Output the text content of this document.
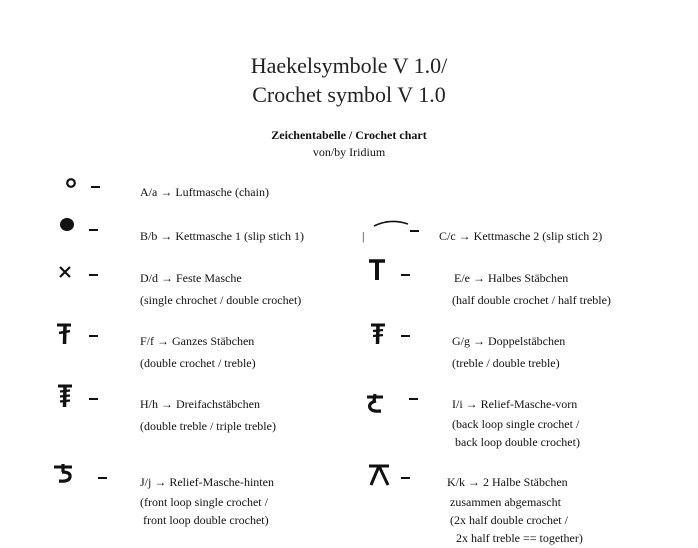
Haekelsymbole V 1.0/
Crochet symbol V 1.0
Zeichentabelle / Crochet chart
von/by Iridium
A/a → Luftmasche (chain)
B/b → Kettmasche 1 (slip stich 1)	|	C/c → Kettmasche 2 (slip stich 2)
D/d → Feste Masche
(single chrochet / double crochet)
E/e → Halbes Stäbchen
(half double crochet / half treble)
F/f → Ganzes Stäbchen
(double crochet / treble)
G/g → Doppelstäbchen
(treble / double treble)
H/h → Dreifachstäbchen
(double treble / triple treble)
I/i → Relief-Masche-vorn
(back loop single crochet /
back loop double crochet)
J/j → Relief-Masche-hinten
(front loop single crochet /
front loop double crochet)
K/k → 2 Halbe Stäbchen
zusammen abgemascht
(2x half double crochet /
2x half treble == together)
